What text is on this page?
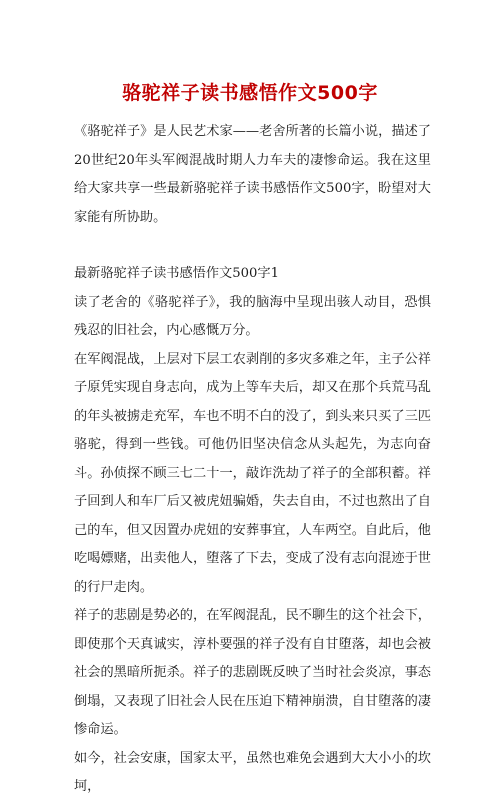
骆驼祥子读书感悟作文500字

《骆驼祥子》是人民艺术家——老舍所著的长篇小说，描述了20世纪20年头军阀混战时期人力车夫的凄惨命运。我在这里给大家共享一些最新骆驼祥子读书感悟作文500字，盼望对大家能有所协助。

最新骆驼祥子读书感悟作文500字1

读了老舍的《骆驼祥子》，我的脑海中呈现出骇人动目，恐惧残忍的旧社会，内心感慨万分。

在军阀混战，上层对下层工农剥削的多灾多难之年，主子公祥子原凭实现自身志向，成为上等车夫后，却又在那个兵荒马乱的年头被掳走充军，车也不明不白的没了，到头来只买了三匹骆驼，得到一些钱。可他仍旧坚决信念从头起先，为志向奋斗。孙侦探不顾三七二十一，敲诈洗劫了祥子的全部积蓄。祥子回到人和车厂后又被虎妞骗婚，失去自由，不过也熬出了自己的车，但又因置办虎妞的安葬事宜，人车两空。自此后，他吃喝嫖赌，出卖他人，堕落了下去，变成了没有志向混迹于世的行尸走肉。

祥子的悲剧是势必的，在军阀混乱，民不聊生的这个社会下，即使那个天真诚实，淳朴要强的祥子没有自甘堕落，却也会被社会的黑暗所扼杀。祥子的悲剧既反映了当时社会炎凉，事态倒塌，又表现了旧社会人民在压迫下精神崩溃，自甘堕落的凄惨命运。

如今，社会安康，国家太平，虽然也难免会遇到大大小小的坎坷，
